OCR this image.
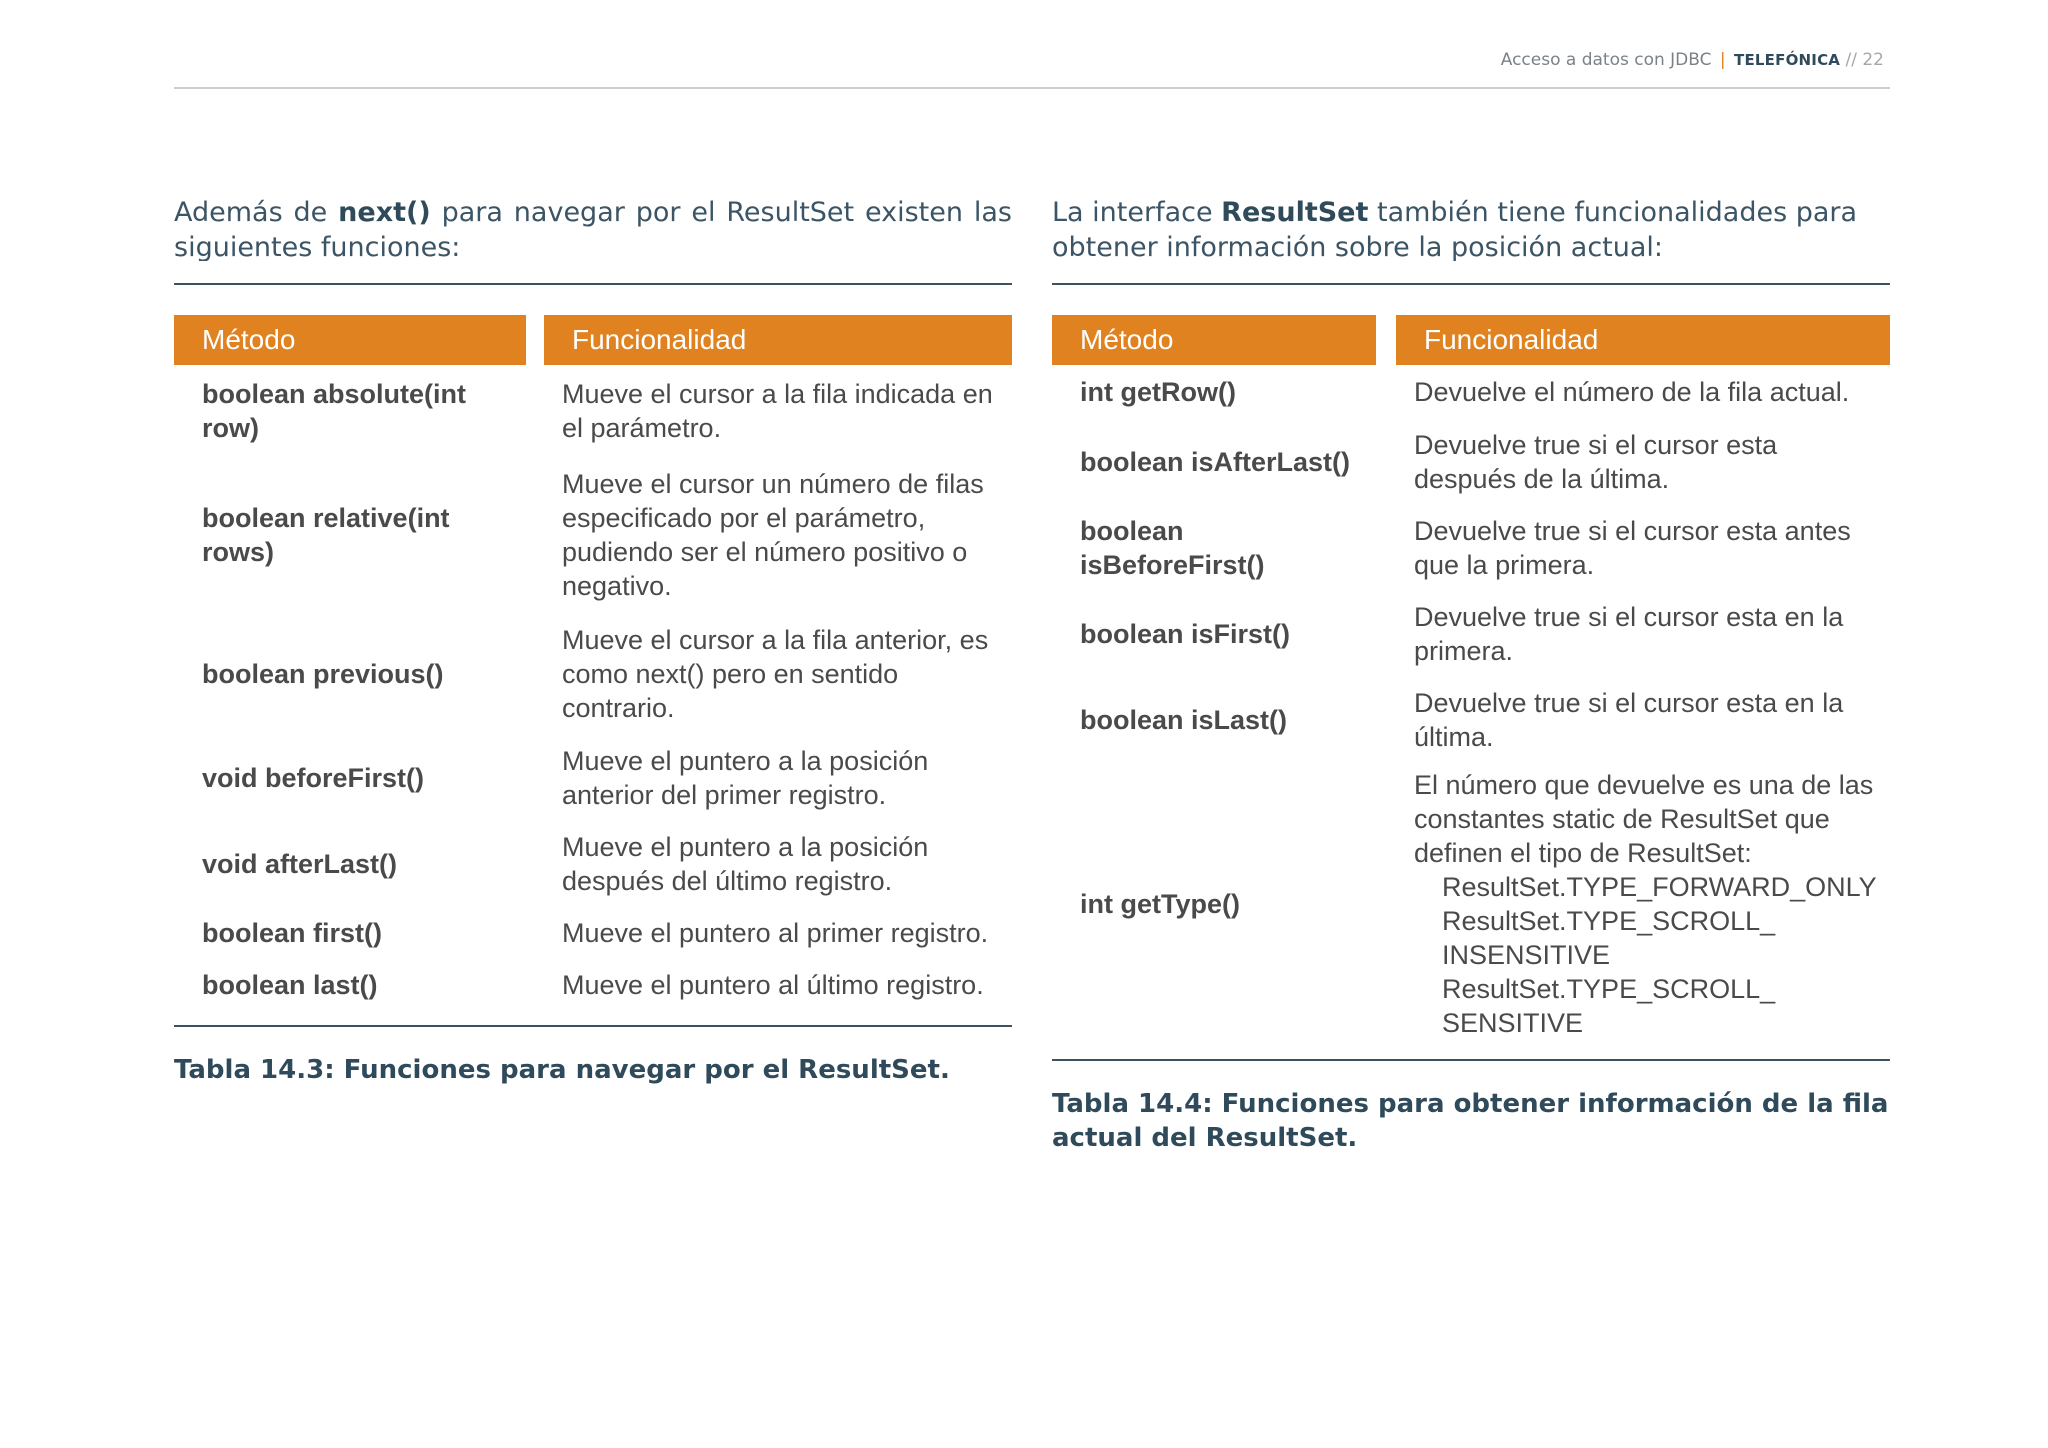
Acceso a datos con JDBC | TELEFÓNICA // 22

Además de next() para navegar por el ResultSet existen las siguientes funciones:

Método		Funcionalidad
boolean absolute(int row)		Mueve el cursor a la fila indicada en el parámetro.
boolean relative(int rows)		Mueve el cursor un número de filas especificado por el parámetro, pudiendo ser el número positivo o negativo.
boolean previous()		Mueve el cursor a la fila anterior, es como next() pero en sentido contrario.
void beforeFirst()		Mueve el puntero a la posición anterior del primer registro.
void afterLast()		Mueve el puntero a la posición después del último registro.
boolean first()		Mueve el puntero al primer registro.
boolean last()		Mueve el puntero al último registro.
Tabla 14.3: Funciones para navegar por el ResultSet.

La interface ResultSet también tiene funcionalidades para obtener información sobre la posición actual:

Método		Funcionalidad
int getRow()		Devuelve el número de la fila actual.
boolean isAfterLast()		Devuelve true si el cursor esta después de la última.
boolean isBeforeFirst()		Devuelve true si el cursor esta antes que la primera.
boolean isFirst()		Devuelve true si el cursor esta en la primera.
boolean isLast()		Devuelve true si el cursor esta en la última.
int getType()		El número que devuelve es una de las constantes static de ResultSet que definen el tipo de ResultSet:
ResultSet.TYPE_FORWARD_ONLY
ResultSet.TYPE_SCROLL_ INSENSITIVE
ResultSet.TYPE_SCROLL_ SENSITIVE
Tabla 14.4: Funciones para obtener información de la fila actual del ResultSet.
